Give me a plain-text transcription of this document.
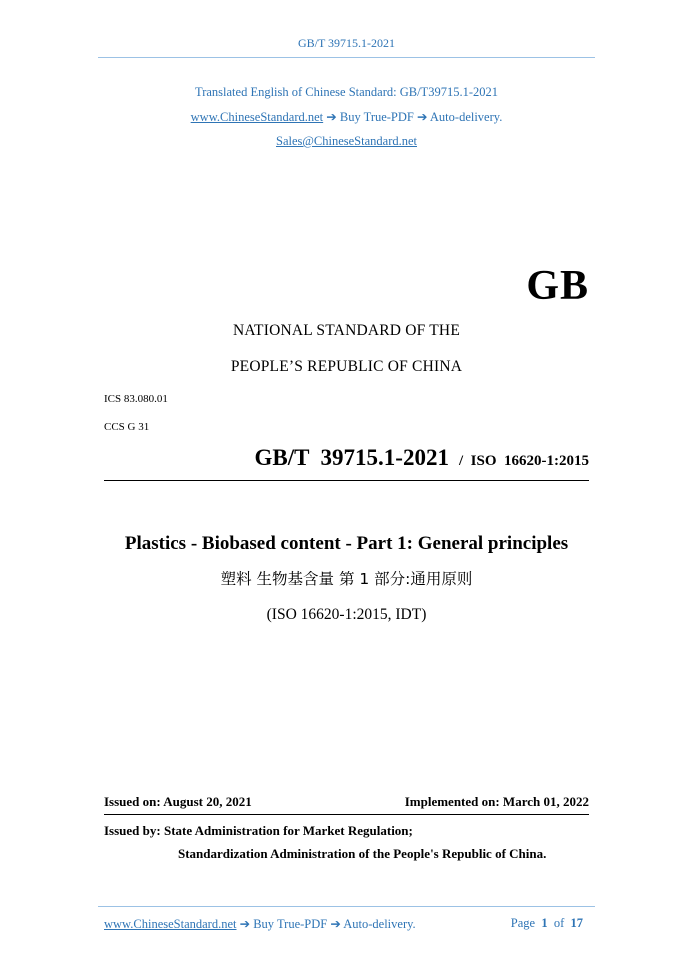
GB/T 39715.1-2021
Translated English of Chinese Standard: GB/T39715.1-2021
www.ChineseStandard.net ➔ Buy True-PDF ➔ Auto-delivery.
Sales@ChineseStandard.net
GB
NATIONAL STANDARD OF THE
PEOPLE’S REPUBLIC OF CHINA
ICS 83.080.01
CCS G 31
GB/T  39715.1-2021 /  ISO  16620-1:2015
Plastics - Biobased content - Part 1: General principles
塑料 生物基含量 第 1 部分:通用原则
(ISO 16620-1:2015, IDT)
Issued on: August 20, 2021	Implemented on: March 01, 2022
Issued by: State Administration for Market Regulation;
Standardization Administration of the People's Republic of China.
www.ChineseStandard.net ➔ Buy True-PDF ➔ Auto-delivery.	Page 1 of 17
